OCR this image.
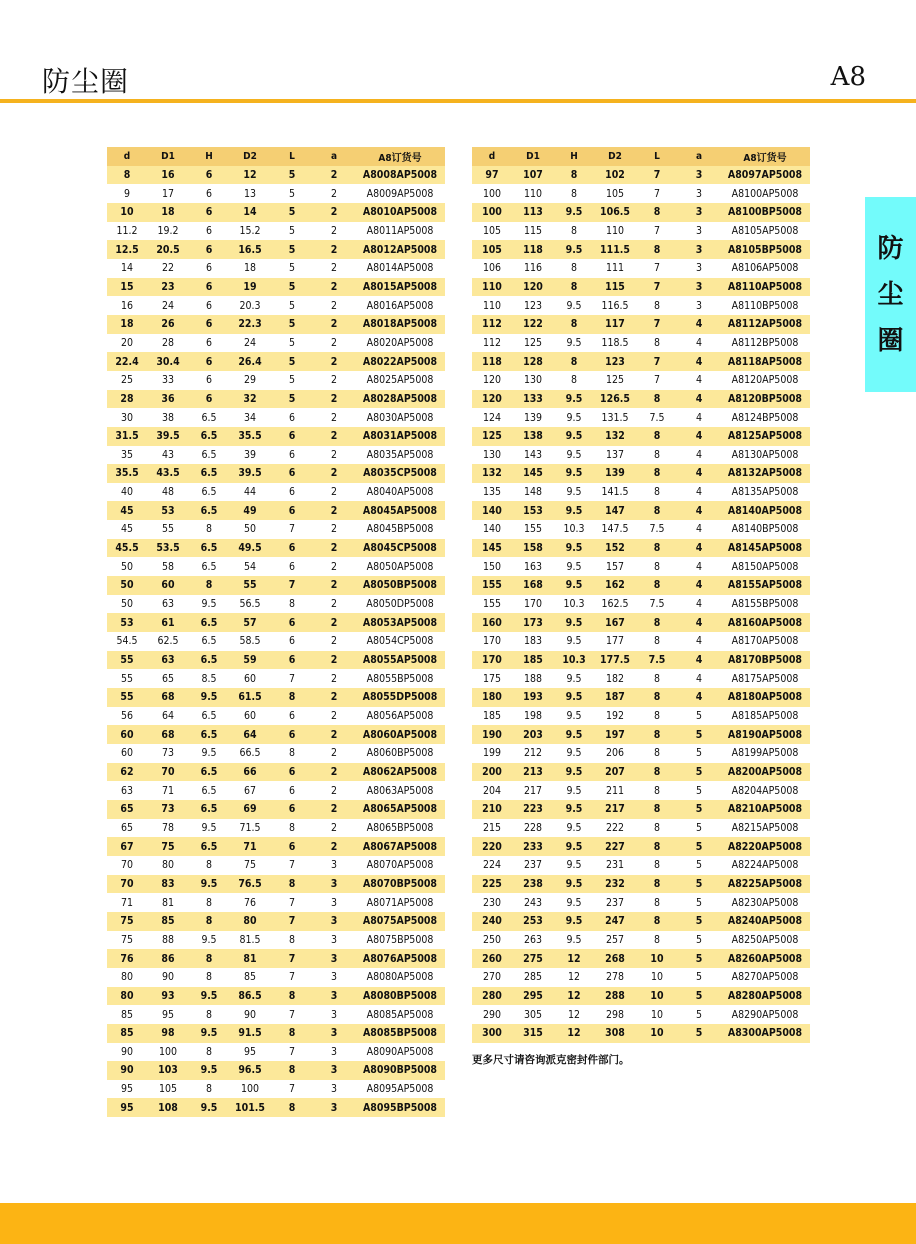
防尘圈	A8
防
尘
圈
d	D1	H	D2	L	a	A8订货号
8	16	6	12	5	2	A8008AP5008
9	17	6	13	5	2	A8009AP5008
10	18	6	14	5	2	A8010AP5008
11.2	19.2	6	15.2	5	2	A8011AP5008
12.5	20.5	6	16.5	5	2	A8012AP5008
14	22	6	18	5	2	A8014AP5008
15	23	6	19	5	2	A8015AP5008
16	24	6	20.3	5	2	A8016AP5008
18	26	6	22.3	5	2	A8018AP5008
20	28	6	24	5	2	A8020AP5008
22.4	30.4	6	26.4	5	2	A8022AP5008
25	33	6	29	5	2	A8025AP5008
28	36	6	32	5	2	A8028AP5008
30	38	6.5	34	6	2	A8030AP5008
31.5	39.5	6.5	35.5	6	2	A8031AP5008
35	43	6.5	39	6	2	A8035AP5008
35.5	43.5	6.5	39.5	6	2	A8035CP5008
40	48	6.5	44	6	2	A8040AP5008
45	53	6.5	49	6	2	A8045AP5008
45	55	8	50	7	2	A8045BP5008
45.5	53.5	6.5	49.5	6	2	A8045CP5008
50	58	6.5	54	6	2	A8050AP5008
50	60	8	55	7	2	A8050BP5008
50	63	9.5	56.5	8	2	A8050DP5008
53	61	6.5	57	6	2	A8053AP5008
54.5	62.5	6.5	58.5	6	2	A8054CP5008
55	63	6.5	59	6	2	A8055AP5008
55	65	8.5	60	7	2	A8055BP5008
55	68	9.5	61.5	8	2	A8055DP5008
56	64	6.5	60	6	2	A8056AP5008
60	68	6.5	64	6	2	A8060AP5008
60	73	9.5	66.5	8	2	A8060BP5008
62	70	6.5	66	6	2	A8062AP5008
63	71	6.5	67	6	2	A8063AP5008
65	73	6.5	69	6	2	A8065AP5008
65	78	9.5	71.5	8	2	A8065BP5008
67	75	6.5	71	6	2	A8067AP5008
70	80	8	75	7	3	A8070AP5008
70	83	9.5	76.5	8	3	A8070BP5008
71	81	8	76	7	3	A8071AP5008
75	85	8	80	7	3	A8075AP5008
75	88	9.5	81.5	8	3	A8075BP5008
76	86	8	81	7	3	A8076AP5008
80	90	8	85	7	3	A8080AP5008
80	93	9.5	86.5	8	3	A8080BP5008
85	95	8	90	7	3	A8085AP5008
85	98	9.5	91.5	8	3	A8085BP5008
90	100	8	95	7	3	A8090AP5008
90	103	9.5	96.5	8	3	A8090BP5008
95	105	8	100	7	3	A8095AP5008
95	108	9.5	101.5	8	3	A8095BP5008
d	D1	H	D2	L	a	A8订货号
97	107	8	102	7	3	A8097AP5008
100	110	8	105	7	3	A8100AP5008
100	113	9.5	106.5	8	3	A8100BP5008
105	115	8	110	7	3	A8105AP5008
105	118	9.5	111.5	8	3	A8105BP5008
106	116	8	111	7	3	A8106AP5008
110	120	8	115	7	3	A8110AP5008
110	123	9.5	116.5	8	3	A8110BP5008
112	122	8	117	7	4	A8112AP5008
112	125	9.5	118.5	8	4	A8112BP5008
118	128	8	123	7	4	A8118AP5008
120	130	8	125	7	4	A8120AP5008
120	133	9.5	126.5	8	4	A8120BP5008
124	139	9.5	131.5	7.5	4	A8124BP5008
125	138	9.5	132	8	4	A8125AP5008
130	143	9.5	137	8	4	A8130AP5008
132	145	9.5	139	8	4	A8132AP5008
135	148	9.5	141.5	8	4	A8135AP5008
140	153	9.5	147	8	4	A8140AP5008
140	155	10.3	147.5	7.5	4	A8140BP5008
145	158	9.5	152	8	4	A8145AP5008
150	163	9.5	157	8	4	A8150AP5008
155	168	9.5	162	8	4	A8155AP5008
155	170	10.3	162.5	7.5	4	A8155BP5008
160	173	9.5	167	8	4	A8160AP5008
170	183	9.5	177	8	4	A8170AP5008
170	185	10.3	177.5	7.5	4	A8170BP5008
175	188	9.5	182	8	4	A8175AP5008
180	193	9.5	187	8	4	A8180AP5008
185	198	9.5	192	8	5	A8185AP5008
190	203	9.5	197	8	5	A8190AP5008
199	212	9.5	206	8	5	A8199AP5008
200	213	9.5	207	8	5	A8200AP5008
204	217	9.5	211	8	5	A8204AP5008
210	223	9.5	217	8	5	A8210AP5008
215	228	9.5	222	8	5	A8215AP5008
220	233	9.5	227	8	5	A8220AP5008
224	237	9.5	231	8	5	A8224AP5008
225	238	9.5	232	8	5	A8225AP5008
230	243	9.5	237	8	5	A8230AP5008
240	253	9.5	247	8	5	A8240AP5008
250	263	9.5	257	8	5	A8250AP5008
260	275	12	268	10	5	A8260AP5008
270	285	12	278	10	5	A8270AP5008
280	295	12	288	10	5	A8280AP5008
290	305	12	298	10	5	A8290AP5008
300	315	12	308	10	5	A8300AP5008
更多尺寸请咨询派克密封件部门。
